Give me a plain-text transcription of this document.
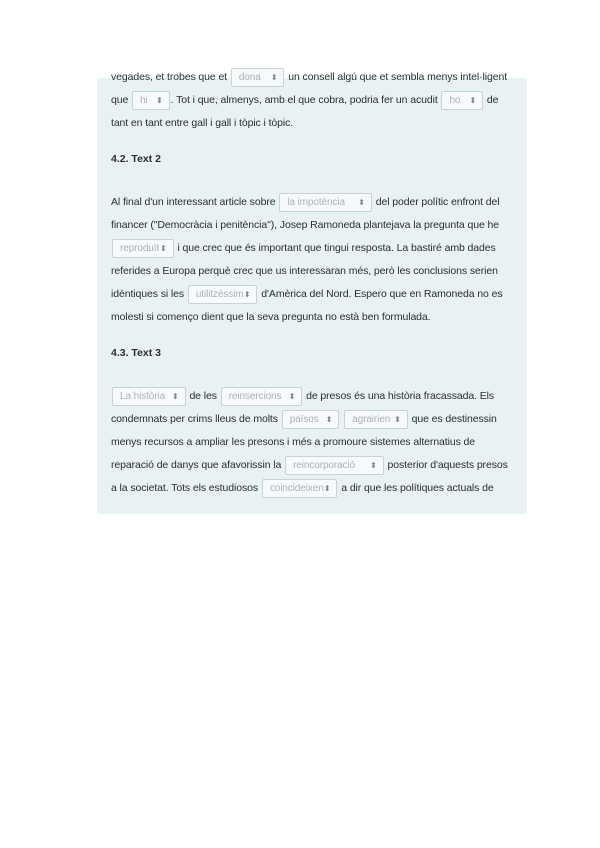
vegades, et trobes que et dona ⬍ un consell algú que et sembla menys intel·ligent que hi ⬍ . Tot i que, almenys, amb el que cobra, podria fer un acudit ho ⬍ de tant en tant entre gall i gall i tòpic i tòpic.

4.2. Text 2

Al final d'un interessant article sobre la impotència ⬍ del poder polític enfront del financer ("Democràcia i penitència"), Josep Ramoneda plantejava la pregunta que he reproduït⬍ i que crec que és important que tingui resposta. La bastiré amb dades referides a Europa perquè crec que us interessaran més, però les conclusions serien idèntiques si les utilitzéssim⬍ d'Amèrica del Nord. Espero que en Ramoneda no es molesti si començo dient que la seva pregunta no està ben formulada.

4.3. Text 3

La història ⬍ de les reinsercions ⬍ de presos és una història fracassada. Els condemnats per crims lleus de molts països ⬍ agrairien ⬍ que es destinessin menys recursos a ampliar les presons i més a promoure sistemes alternatius de reparació de danys que afavorissin la reincorporació ⬍ posterior d'aquests presos a la societat. Tots els estudiosos coincideixen⬍ a dir que les polítiques actuals de
